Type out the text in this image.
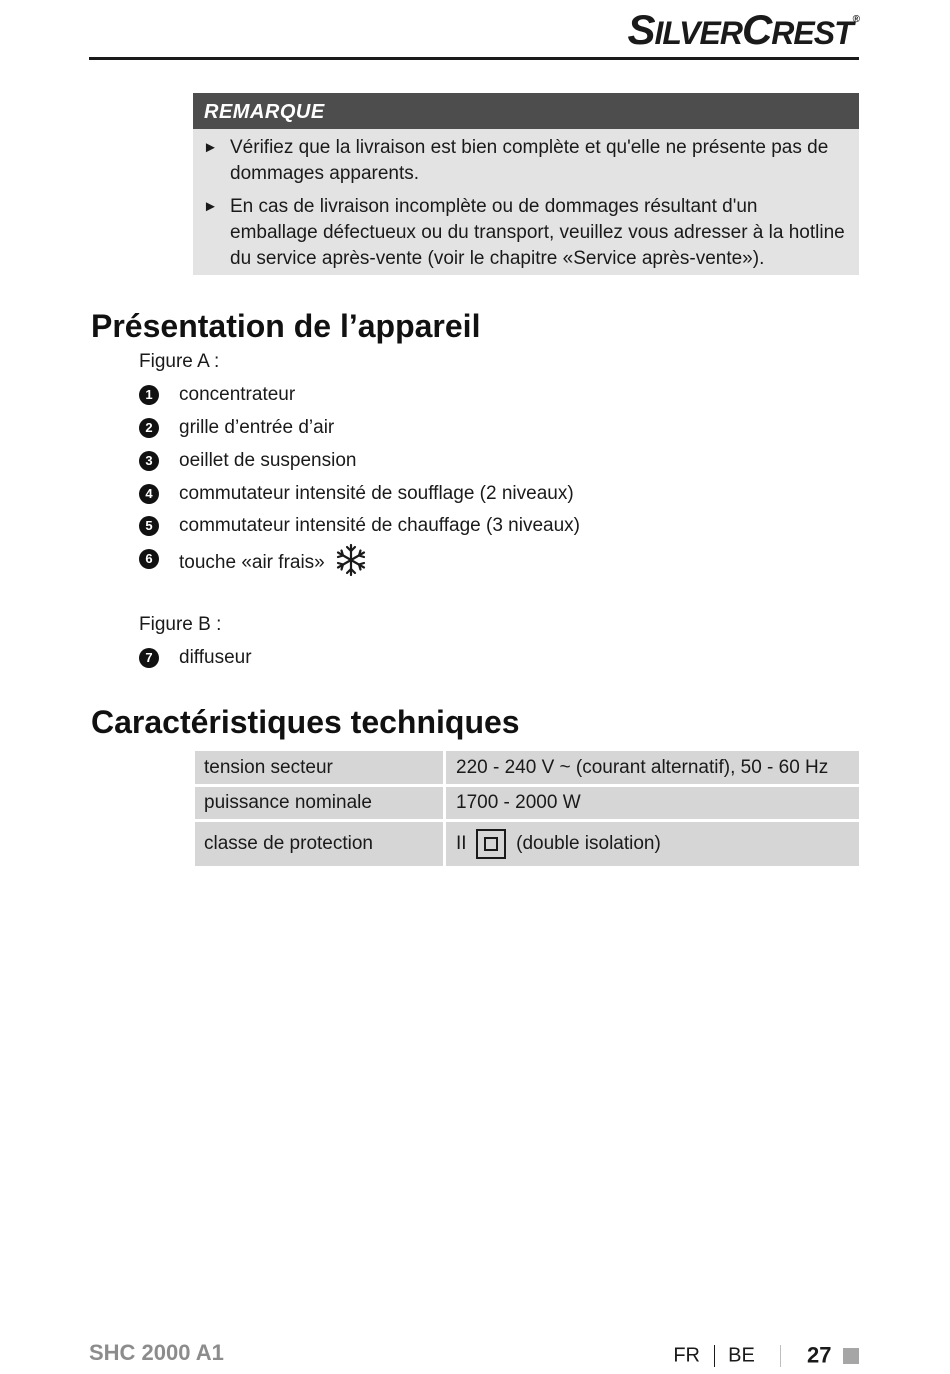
SILVERCREST®
REMARQUE
► Vérifiez que la livraison est bien complète et qu'elle ne présente pas de dommages apparents.
► En cas de livraison incomplète ou de dommages résultant d'un emballage défectueux ou du transport, veuillez vous adresser à la hotline du service après-vente (voir le chapitre «Service après-vente»).
Présentation de l’appareil
Figure A :
1	concentrateur
2	grille d’entrée d’air
3	oeillet de suspension
4	commutateur intensité de soufflage (2 niveaux)
5	commutateur intensité de chauffage (3 niveaux)
6	touche «air frais»
Figure B :
7	diffuseur
Caractéristiques techniques
tension secteur	220 - 240 V ~ (courant alternatif), 50 - 60 Hz
puissance nominale	1700 - 2000 W
classe de protection	II (double isolation)
SHC 2000 A1	FR BE 27
